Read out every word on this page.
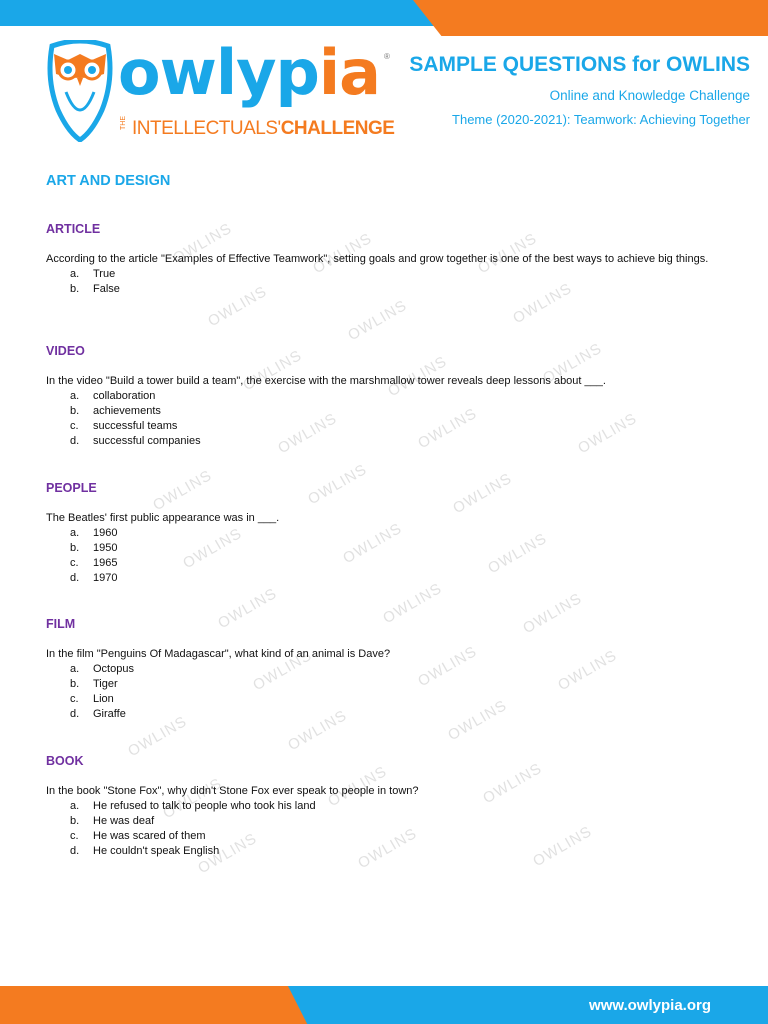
owlypia ®
THE INTELLECTUALS'CHALLENGE
SAMPLE QUESTIONS for OWLINS
Online and Knowledge Challenge
Theme (2020-2021): Teamwork: Achieving Together
ART AND DESIGN
OWLINS	OWLINS	OWLINS
OWLINS	OWLINS	OWLINS
OWLINS	OWLINS	OWLINS
OWLINS	OWLINS	OWLINS
OWLINS	OWLINS	OWLINS
OWLINS	OWLINS	OWLINS
OWLINS	OWLINS	OWLINS
OWLINS	OWLINS	OWLINS
OWLINS	OWLINS	OWLINS
OWLINS	OWLINS	OWLINS
OWLINS	OWLINS	OWLINS
ARTICLE

According to the article "Examples of Effective Teamwork", setting goals and grow together is one of the best ways to achieve big things.

a.	True
b.	False
VIDEO

In the video "Build a tower build a team", the exercise with the marshmallow tower reveals deep lessons about ___.

a.	collaboration
b.	achievements
c.	successful teams
d.	successful companies
PEOPLE

The Beatles' first public appearance was in ___.

a.	1960
b.	1950
c.	1965
d.	1970
FILM

In the film "Penguins Of Madagascar", what kind of an animal is Dave?

a.	Octopus
b.	Tiger
c.	Lion
d.	Giraffe
BOOK

In the book "Stone Fox", why didn't Stone Fox ever speak to people in town?

a.	He refused to talk to people who took his land
b.	He was deaf
c.	He was scared of them
d.	He couldn't speak English
www.owlypia.org
